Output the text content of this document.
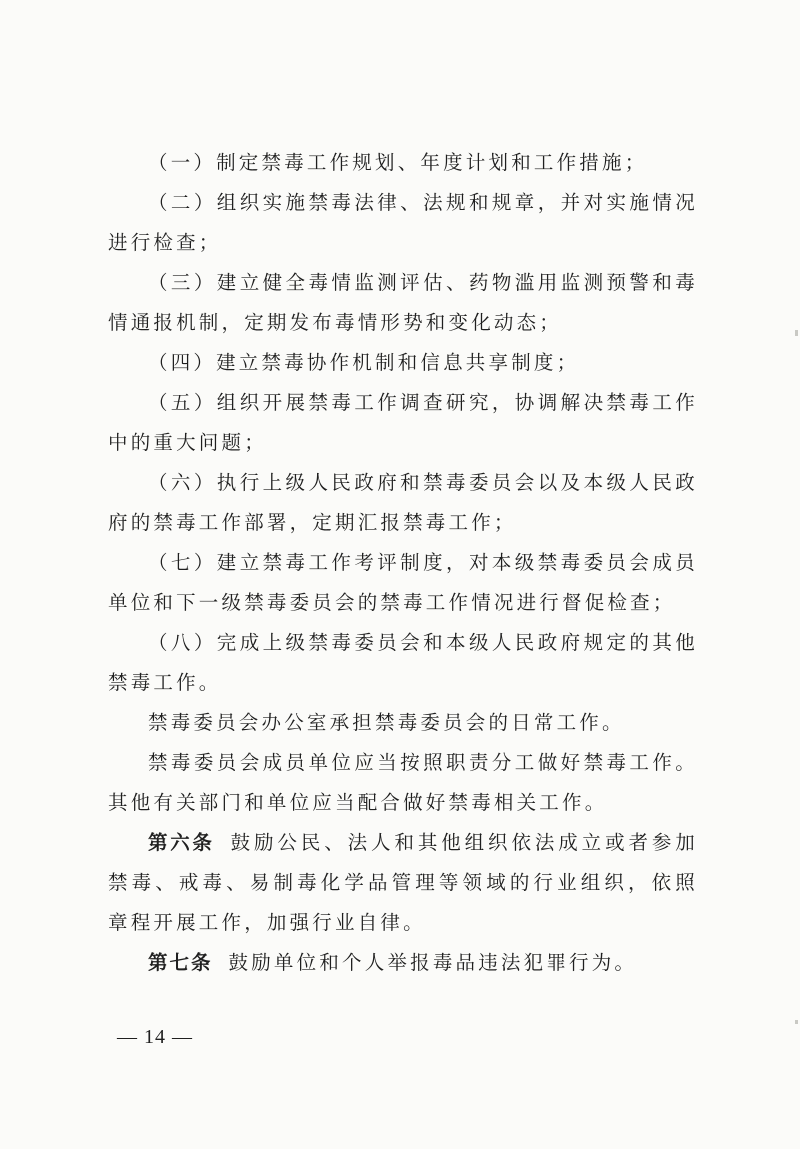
（一）制定禁毒工作规划、年度计划和工作措施；

（二）组织实施禁毒法律、法规和规章，并对实施情况进行检查；

（三）建立健全毒情监测评估、药物滥用监测预警和毒情通报机制，定期发布毒情形势和变化动态；

（四）建立禁毒协作机制和信息共享制度；

（五）组织开展禁毒工作调查研究，协调解决禁毒工作中的重大问题；

（六）执行上级人民政府和禁毒委员会以及本级人民政府的禁毒工作部署，定期汇报禁毒工作；

（七）建立禁毒工作考评制度，对本级禁毒委员会成员单位和下一级禁毒委员会的禁毒工作情况进行督促检查；

（八）完成上级禁毒委员会和本级人民政府规定的其他禁毒工作。

禁毒委员会办公室承担禁毒委员会的日常工作。

禁毒委员会成员单位应当按照职责分工做好禁毒工作。其他有关部门和单位应当配合做好禁毒相关工作。

第六条 鼓励公民、法人和其他组织依法成立或者参加禁毒、戒毒、易制毒化学品管理等领域的行业组织，依照章程开展工作，加强行业自律。

第七条 鼓励单位和个人举报毒品违法犯罪行为。

— 14 —
